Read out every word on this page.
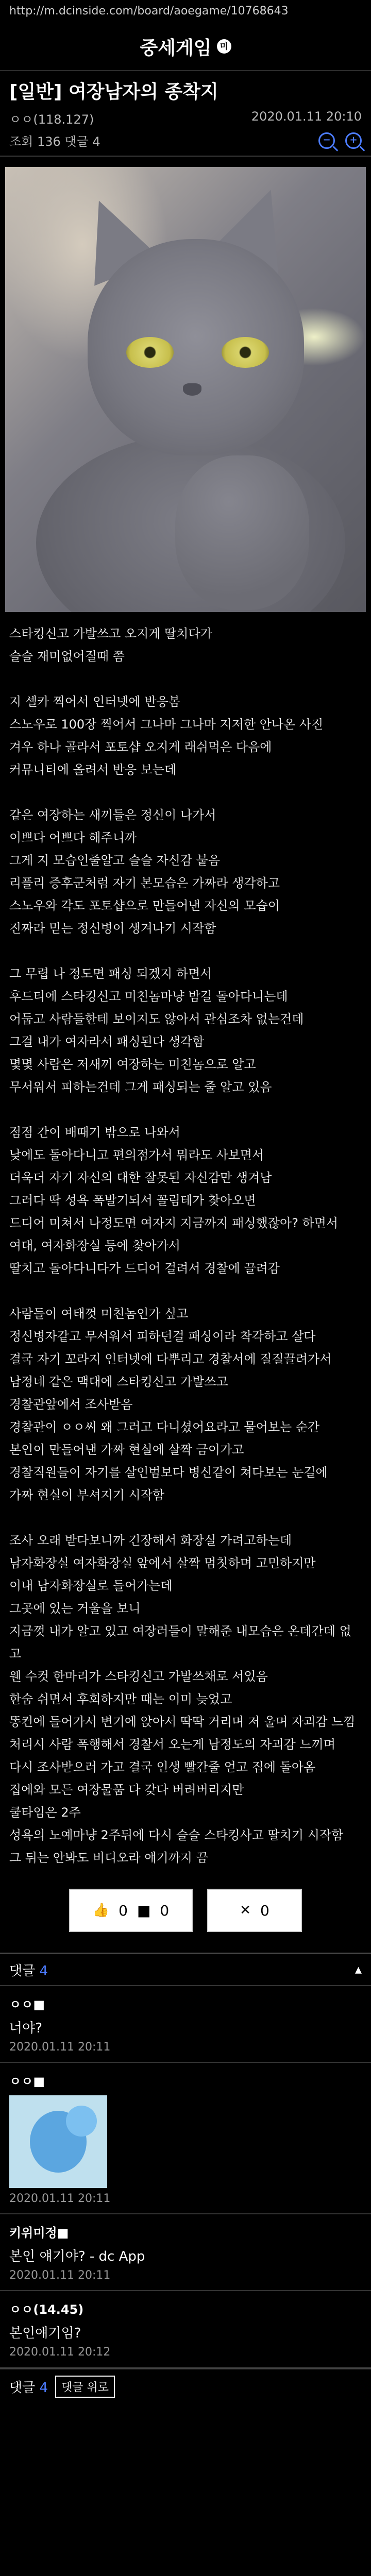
http://m.dcinside.com/board/aoegame/10768643
중세게임	미
[일반] 여장남자의 종착지
ㅇㅇ(118.127)	2020.01.11 20:10
조회 136 댓글 4	−	+

스타킹신고 가발쓰고 오지게 딸치다가

슬슬 재미없어질때 쯤

지 셀카 찍어서 인터넷에 반응봄

스노우로 100장 찍어서 그나마 그나마 지저한 안나온 사진

겨우 하나 골라서 포토샵 오지게 래쉬먹은 다음에

커뮤니티에 올려서 반응 보는데

같은 여장하는 새끼들은 정신이 나가서

이쁘다 어쁘다 해주니까

그게 지 모습인줄알고 슬슬 자신감 붙음

리플리 증후군처럼 자기 본모습은 가짜라 생각하고

스노우와 각도 포토샵으로 만들어낸 자신의 모습이

진짜라 믿는 정신병이 생겨나기 시작함

그 무렵 나 정도면 패싱 되겠지 하면서

후드티에 스타킹신고 미친놈마냥 밤길 돌아다니는데

어둡고 사람들한테 보이지도 않아서 관심조차 없는건데

그걸 내가 여자라서 패싱된다 생각함

몇몇 사람은 저새끼 여장하는 미친놈으로 알고

무서워서 피하는건데 그게 패싱되는 줄 알고 있음

점점 간이 배때기 밖으로 나와서

낮에도 돌아다니고 편의점가서 뭐라도 사보면서

더욱더 자기 자신의 대한 잘못된 자신감만 생겨남

그러다 딱 성욕 폭발기되서 꼴림테가 찾아오면

드디어 미쳐서 나정도면 여자지 지금까지 패싱했잖아? 하면서

여대, 여자화장실 등에 찾아가서

딸치고 돌아다니다가 드디어 걸려서 경찰에 끌려감

사람들이 여태껏 미친놈인가 싶고

정신병자같고 무서워서 피하던걸 패싱이라 착각하고 살다

결국 자기 꼬라지 인터넷에 다뿌리고 경찰서에 질질끌려가서

남정네 같은 맥대에 스타킹신고 가발쓰고

경찰관앞에서 조사받음

경찰관이 ㅇㅇ씨 왜 그러고 다니셨어요라고 물어보는 순간

본인이 만들어낸 가짜 현실에 살짝 금이가고

경찰직원들이 자기를 살인범보다 병신같이 쳐다보는 눈길에

가짜 현실이 부셔지기 시작함

조사 오래 받다보니까 긴장해서 화장실 가려고하는데

남자화장실 여자화장실 앞에서 살짝 멈칫하며 고민하지만

이내 남자화장실로 들어가는데

그곳에 있는 거울을 보니

지금껏 내가 알고 있고 여장러들이 말해준 내모습은 온데간데 없고

웬 수컷 한마리가 스타킹신고 가발쓰채로 서있음

한숨 쉬면서 후회하지만 때는 이미 늦었고

똥컨에 들어가서 변기에 앉아서 딱딱 거리며 저 울며 자괴감 느낌

처리시 사람 폭행해서 경찰서 오는게 남정도의 자괴감 느끼며

다시 조사받으러 가고 결국 인생 빨간줄 얻고 집에 돌아옴

집에와 모든 여장물품 다 갖다 버려버리지만

쿨타임은 2주

성욕의 노예마냥 2주뒤에 다시 슬슬 스타킹사고 딸치기 시작함

그 뒤는 안봐도 비디오라 얘기까지 끔

👍 0 ■ 0	✕ 0
댓글 4	▴
ㅇㅇ■
너야?
2020.01.11 20:11
ㅇㅇ■
2020.01.11 20:11
키위미정■
본인 얘기야? - dc App
2020.01.11 20:11
ㅇㅇ(14.45)
본인얘기임?
2020.01.11 20:12
댓글 4	댓글 위로
